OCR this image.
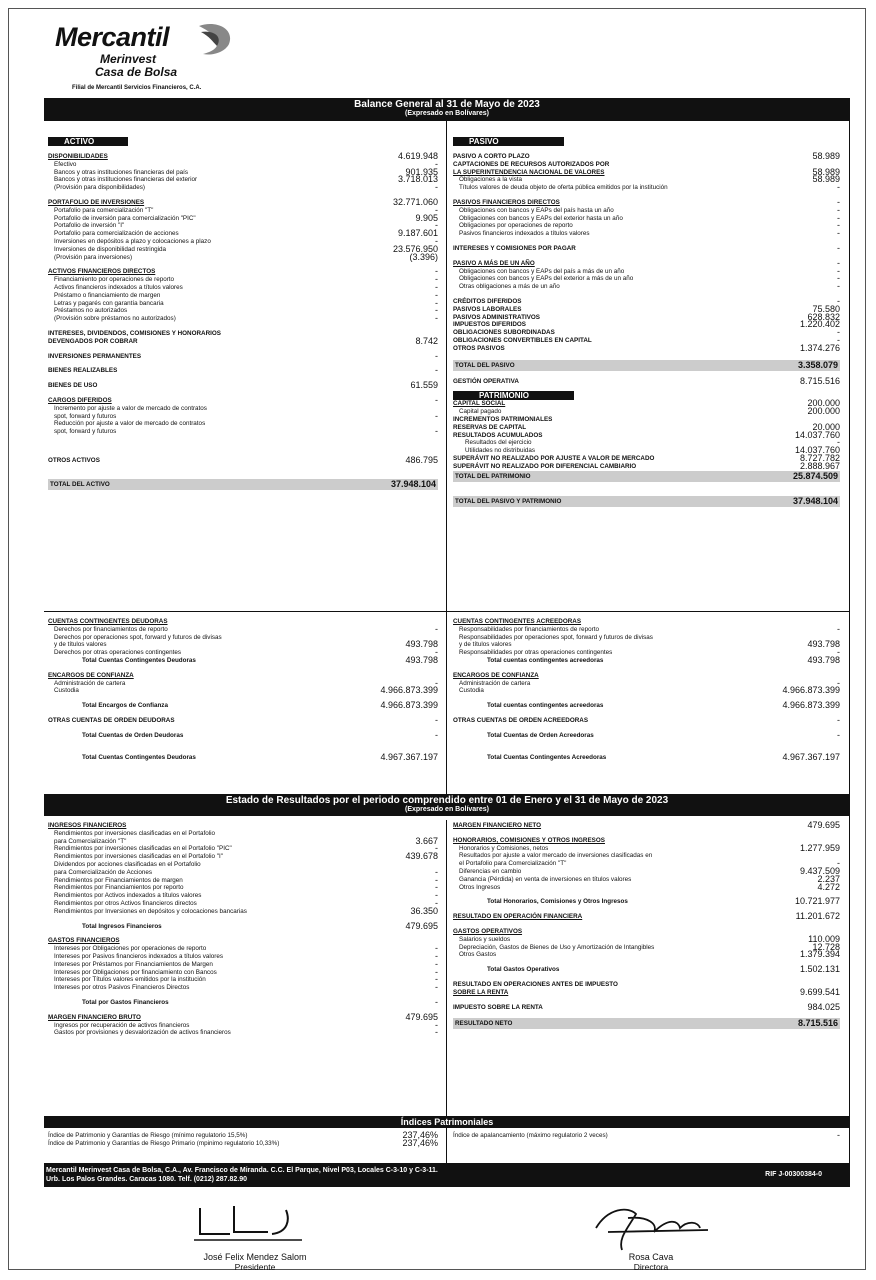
Mercantil
Merinvest
Casa de Bolsa
Filial de Mercantil Servicios Financieros, C.A.
Balance General al 31 de Mayo de 2023
(Expresado en Bolívares)
ACTIVO
DISPONIBILIDADES	4.619.948
Efectivo	-
Bancos y otras instituciones financieras del país	901.935
Bancos y otras instituciones financieras del exterior	3.718.013
(Provisión para disponibilidades)	-
PORTAFOLIO DE INVERSIONES	32.771.060
Portafolio para comercialización "T"	-
Portafolio de inversión para comercialización "PIC"	9.905
Portafolio de inversión "I"	-
Portafolio para comercialización de acciones	9.187.601
Inversiones en depósitos a plazo y colocaciones a plazo	-
Inversiones de disponibilidad restringida	23.576.950
(Provisión para inversiones)	(3.396)
ACTIVOS FINANCIEROS DIRECTOS	-
Financiamiento por operaciones de reporto	-
Activos financieros indexados a títulos valores	-
Préstamo o financiamiento de margen	-
Letras y pagarés con garantía bancaria	-
Préstamos no autorizados	-
(Provisión sobre préstamos no autorizados)	-
INTERESES, DIVIDENDOS, COMISIONES Y HONORARIOS
DEVENGADOS POR COBRAR	8.742
INVERSIONES PERMANENTES	-
BIENES REALIZABLES	-
BIENES DE USO	61.559
CARGOS DIFERIDOS	-
Incremento por ajuste a valor de mercado de contratos
spot, forward y futuros	-
Reducción por ajuste a valor de mercado de contratos
spot, forward y futuros	-
OTROS ACTIVOS	486.795
TOTAL DEL ACTIVO	37.948.104
PASIVO
PASIVO A CORTO PLAZO	58.989
CAPTACIONES DE RECURSOS AUTORIZADOS POR
LA SUPERINTENDENCIA NACIONAL DE VALORES	58.989
Obligaciones a la vista	58.989
Títulos valores de deuda objeto de oferta pública emitidos por la institución	-
PASIVOS FINANCIEROS DIRECTOS	-
Obligaciones con bancos y EAPs del país hasta un año	-
Obligaciones con bancos y EAPs del exterior hasta un año	-
Obligaciones por operaciones de reporto	-
Pasivos financieros indexados a títulos valores	-
INTERESES Y COMISIONES POR PAGAR	-
PASIVO A MÁS DE UN AÑO	-
Obligaciones con bancos y EAPs del país a más de un año	-
Obligaciones con bancos y EAPs del exterior a más de un año	-
Otras obligaciones a más de un año	-
CRÉDITOS DIFERIDOS	-
PASIVOS LABORALES	75.580
PASIVOS ADMINISTRATIVOS	628.832
IMPUESTOS DIFERIDOS	1.220.402
OBLIGACIONES SUBORDINADAS	-
OBLIGACIONES CONVERTIBLES EN CAPITAL	-
OTROS PASIVOS	1.374.276
TOTAL DEL PASIVO	3.358.079
GESTIÓN OPERATIVA	8.715.516
PATRIMONIO
CAPITAL SOCIAL	200.000
Capital pagado	200.000
INCREMENTOS PATRIMONIALES
RESERVAS DE CAPITAL	20.000
RESULTADOS ACUMULADOS	14.037.760
Resultados del ejercicio	-
Utilidades no distribuidas	14.037.760
SUPERÁVIT NO REALIZADO POR AJUSTE A VALOR DE MERCADO	8.727.782
SUPERÁVIT NO REALIZADO POR DIFERENCIAL CAMBIARIO	2.888.967
TOTAL DEL PATRIMONIO	25.874.509
TOTAL DEL PASIVO Y PATRIMONIO	37.948.104
CUENTAS CONTINGENTES DEUDORAS
Derechos por financiamientos de reporto	-
Derechos por operaciones spot, forward y futuros de divisas
y de títulos valores	493.798
Derechos por otras operaciones contingentes	-
Total Cuentas Contingentes Deudoras	493.798
ENCARGOS DE CONFIANZA
Administración de cartera	-
Custodia	4.966.873.399
Total Encargos de Confianza	4.966.873.399
OTRAS CUENTAS DE ORDEN DEUDORAS	-
Total Cuentas de Orden Deudoras	-
Total Cuentas Contingentes Deudoras	4.967.367.197
CUENTAS CONTINGENTES ACREEDORAS
Responsabilidades por financiamientos de reporto	-
Responsabilidades por operaciones spot, forward y futuros de divisas
y de títulos valores	493.798
Responsabilidades por otras operaciones contingentes	-
Total cuentas contingentes acreedoras	493.798
ENCARGOS DE CONFIANZA
Administración de cartera	-
Custodia	4.966.873.399
Total cuentas contingentes acreedoras	4.966.873.399
OTRAS CUENTAS DE ORDEN ACREEDORAS	-
Total Cuentas de Orden Acreedoras	-
Total Cuentas Contingentes Acreedoras	4.967.367.197
Estado de Resultados por el periodo comprendido entre 01 de Enero y el 31 de Mayo de 2023
(Expresado en Bolívares)
INGRESOS FINANCIEROS
Rendimientos por inversiones clasificadas en el Portafolio
para Comercialización "T"	3.667
Rendimientos por inversiones clasificadas en el Portafolio "PIC"	-
Rendimientos por inversiones clasificadas en el Portafolio "I"	439.678
Dividendos por acciones clasificadas en el Portafolio
para Comercialización de Acciones	-
Rendimientos por Financiamientos de margen	-
Rendimientos por Financiamientos por reporto	-
Rendimientos por Activos indexados a títulos valores	-
Rendimientos por otros Activos financieros directos	-
Rendimientos por Inversiones en depósitos y colocaciones bancarias	36.350
Total Ingresos Financieros	479.695
GASTOS FINANCIEROS
Intereses por Obligaciones por operaciones de reporto	-
Intereses por Pasivos financieros indexados a títulos valores	-
Intereses por Préstamos por Financiamientos de Margen	-
Intereses por Obligaciones por financiamiento con Bancos	-
Intereses por Títulos valores emitidos por la institución	-
Intereses por otros Pasivos Financieros Directos	-
Total por Gastos Financieros	-
MARGEN FINANCIERO BRUTO	479.695
Ingresos por recuperación de activos financieros	-
Gastos por provisiones y desvalorización de activos financieros	-
MARGEN FINANCIERO NETO	479.695
HONORARIOS, COMISIONES Y OTROS INGRESOS
Honorarios y Comisiones, netos	1.277.959
Resultados por ajuste a valor mercado de inversiones clasificadas en
el Portafolio para Comercialización "T"	-
Diferencias en cambio	9.437.509
Ganancia (Pérdida) en venta de inversiones en títulos valores	2.237
Otros Ingresos	4.272
Total Honorarios, Comisiones y Otros Ingresos	10.721.977
RESULTADO EN OPERACIÓN FINANCIERA	11.201.672
GASTOS OPERATIVOS
Salarios y sueldos	110.009
Depreciación, Gastos de Bienes de Uso y Amortización de Intangibles	12.728
Otros Gastos	1.379.394
Total Gastos Operativos	1.502.131
RESULTADO EN OPERACIONES ANTES DE IMPUESTO
SOBRE LA RENTA	9.699.541
IMPUESTO SOBRE LA RENTA	984.025
RESULTADO NETO	8.715.516
Índices Patrimoniales
Índice de Patrimonio y Garantías de Riesgo (mínimo regulatorio 15,5%)	237,46%
Índice de Patrimonio y Garantías de Riesgo Primario (mpinimo regulatorio 10,33%)	237,46%
Índice de apalancamiento (máximo regulatorio 2 veces)	-
Mercantil Merinvest Casa de Bolsa, C.A., Av. Francisco de Miranda. C.C. El Parque, Nivel P03, Locales C-3-10 y C-3-11.
Urb. Los Palos Grandes. Caracas 1080. Telf. (0212) 287.82.90
RIF J-00300384-0
José Felix Mendez Salom
Presidente
Rosa Cava
Directora
